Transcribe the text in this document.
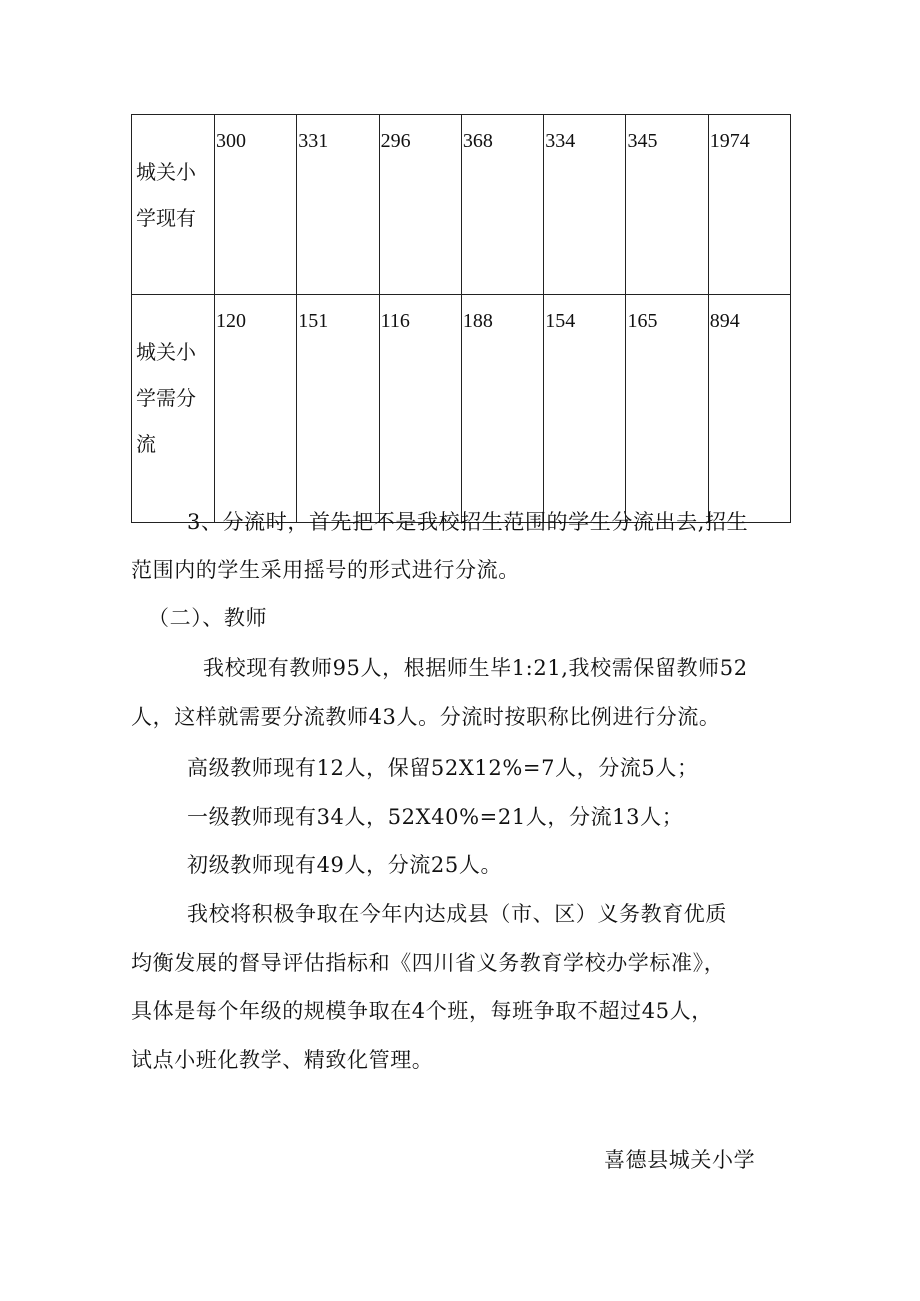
城关小
学现有	300	331	296	368	334	345	1974

城关小
学需分
流	120	151	116	188	154	165	894
3、分流时，首先把不是我校招生范围的学生分流出去,招生
范围内的学生采用摇号的形式进行分流。
（二）、教师
我校现有教师95人，根据师生毕1:21,我校需保留教师52
人，这样就需要分流教师43人。分流时按职称比例进行分流。
高级教师现有12人，保留52X12%=7人，分流5人；
一级教师现有34人，52X40%=21人，分流13人；
初级教师现有49人，分流25人。
我校将积极争取在今年内达成县（市、区）义务教育优质
均衡发展的督导评估指标和《四川省义务教育学校办学标准》，
具体是每个年级的规模争取在4个班，每班争取不超过45人，
试点小班化教学、精致化管理。
喜德县城关小学
